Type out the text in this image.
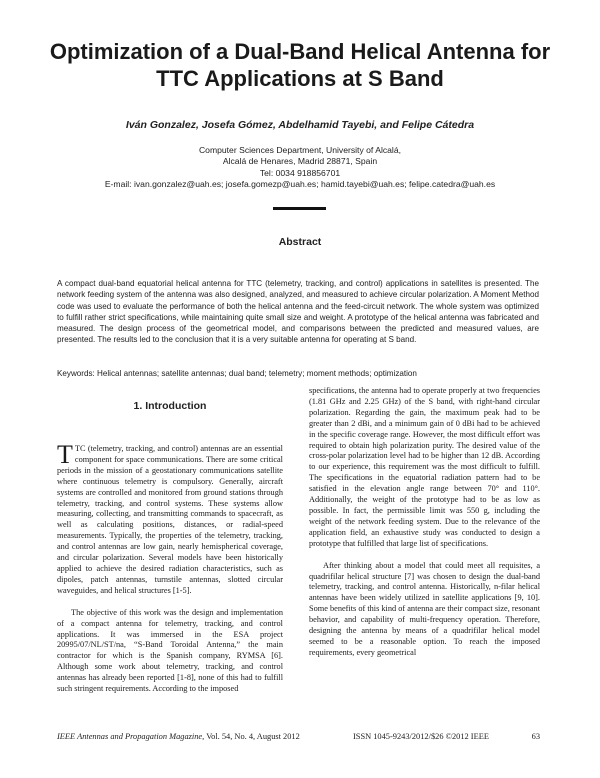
Optimization of a Dual-Band Helical Antenna for TTC Applications at S Band
Iván Gonzalez, Josefa Gómez, Abdelhamid Tayebi, and Felipe Cátedra
Computer Sciences Department, University of Alcalá,
Alcalá de Henares, Madrid 28871, Spain
Tel: 0034 918856701
E-mail: ivan.gonzalez@uah.es; josefa.gomezp@uah.es; hamid.tayebi@uah.es; felipe.catedra@uah.es
Abstract

A compact dual-band equatorial helical antenna for TTC (telemetry, tracking, and control) applications in satellites is presented. The network feeding system of the antenna was also designed, analyzed, and measured to achieve circular polarization. A Moment Method code was used to evaluate the performance of both the helical antenna and the feed-circuit network. The whole system was optimized to fulfill rather strict specifications, while maintaining quite small size and weight. A prototype of the helical antenna was fabricated and measured. The design process of the geometrical model, and comparisons between the predicted and measured values, are presented. The results led to the conclusion that it is a very suitable antenna for operating at S band.

Keywords: Helical antennas; satellite antennas; dual band; telemetry; moment methods; optimization

1. Introduction

TTC (telemetry, tracking, and control) antennas are an essential component for space communications. There are some critical periods in the mission of a geostationary communications satellite where continuous telemetry is compulsory. Generally, aircraft systems are controlled and monitored from ground stations through telemetry, tracking, and control systems. These systems allow measuring, collecting, and transmitting commands to spacecraft, as well as calculating positions, distances, or radial-speed measurements. Typically, the properties of the telemetry, tracking, and control antennas are low gain, nearly hemispherical coverage, and circular polarization. Several models have been historically applied to achieve the desired radiation characteristics, such as dipoles, patch antennas, turnstile antennas, slotted circular waveguides, and helical structures [1-5].

The objective of this work was the design and implementation of a compact antenna for telemetry, tracking, and control applications. It was immersed in the ESA project 20995/07/NL/ST/na, “S-Band Toroidal Antenna,” the main contractor for which is the Spanish company, RYMSA [6]. Although some work about telemetry, tracking, and control antennas has already been reported [1-8], none of this had to fulfill such stringent requirements. According to the imposed

specifications, the antenna had to operate properly at two frequencies (1.81 GHz and 2.25 GHz) of the S band, with right-hand circular polarization. Regarding the gain, the maximum peak had to be greater than 2 dBi, and a minimum gain of 0 dBi had to be achieved in the specific coverage range. However, the most difficult effort was required to obtain high polarization purity. The desired value of the cross-polar polarization level had to be higher than 12 dB. According to our experience, this requirement was the most difficult to fulfill. The specifications in the equatorial radiation pattern had to be satisfied in the elevation angle range between 70° and 110°. Additionally, the weight of the prototype had to be as low as possible. In fact, the permissible limit was 550 g, including the weight of the network feeding system. Due to the relevance of the application field, an exhaustive study was conducted to design a prototype that fulfilled that large list of specifications.

After thinking about a model that could meet all requisites, a quadrifilar helical structure [7] was chosen to design the dual-band telemetry, tracking, and control antenna. Historically, n-filar helical antennas have been widely utilized in satellite applications [9, 10]. Some benefits of this kind of antenna are their compact size, resonant behavior, and capability of multi-frequency operation. Therefore, designing the antenna by means of a quadrifilar helical model seemed to be a reasonable option. To reach the imposed requirements, every geometrical

IEEE Antennas and Propagation Magazine, Vol. 54, No. 4, August 2012	ISSN 1045-9243/2012/$26 ©2012 IEEE	63
